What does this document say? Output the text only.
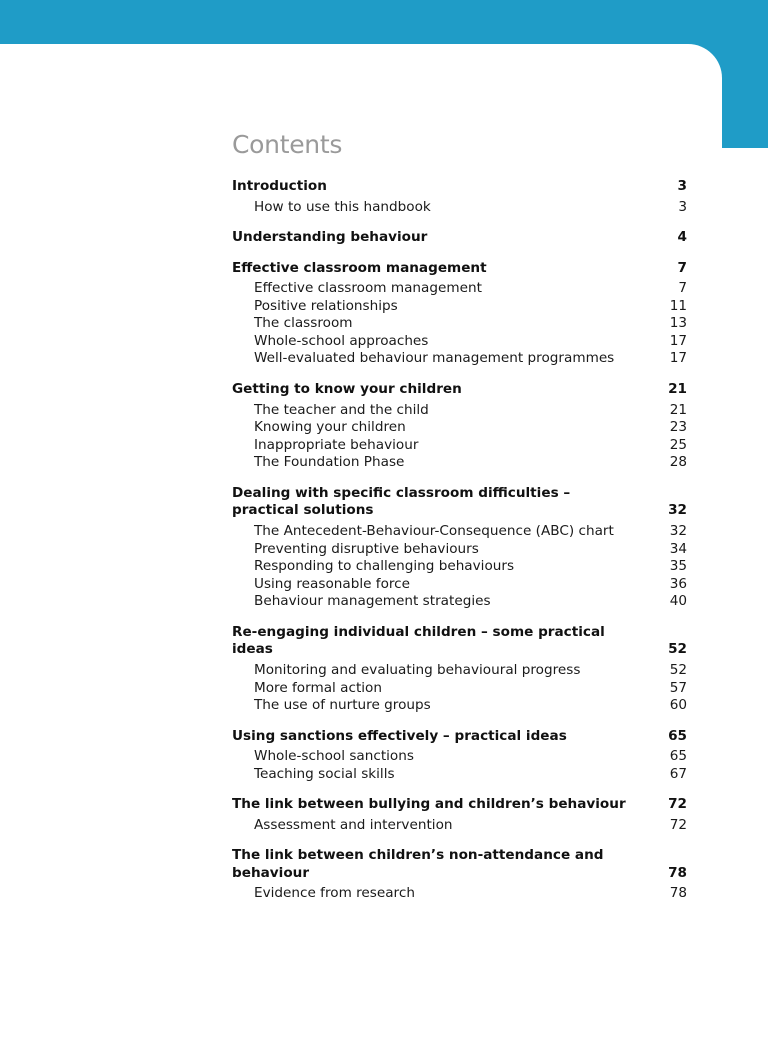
Contents
Introduction	3
How to use this handbook	3
Understanding behaviour	4
Effective classroom management	7
Effective classroom management	7
Positive relationships	11
The classroom	13
Whole-school approaches	17
Well-evaluated behaviour management programmes	17
Getting to know your children	21
The teacher and the child	21
Knowing your children	23
Inappropriate behaviour	25
The Foundation Phase	28
Dealing with specific classroom difficulties – practical solutions	32
The Antecedent-Behaviour-Consequence (ABC) chart	32
Preventing disruptive behaviours	34
Responding to challenging behaviours	35
Using reasonable force	36
Behaviour management strategies	40
Re-engaging individual children – some practical ideas	52
Monitoring and evaluating behavioural progress	52
More formal action	57
The use of nurture groups	60
Using sanctions effectively – practical ideas	65
Whole-school sanctions	65
Teaching social skills	67
The link between bullying and children’s behaviour	72
Assessment and intervention	72
The link between children’s non-attendance and behaviour	78
Evidence from research	78
